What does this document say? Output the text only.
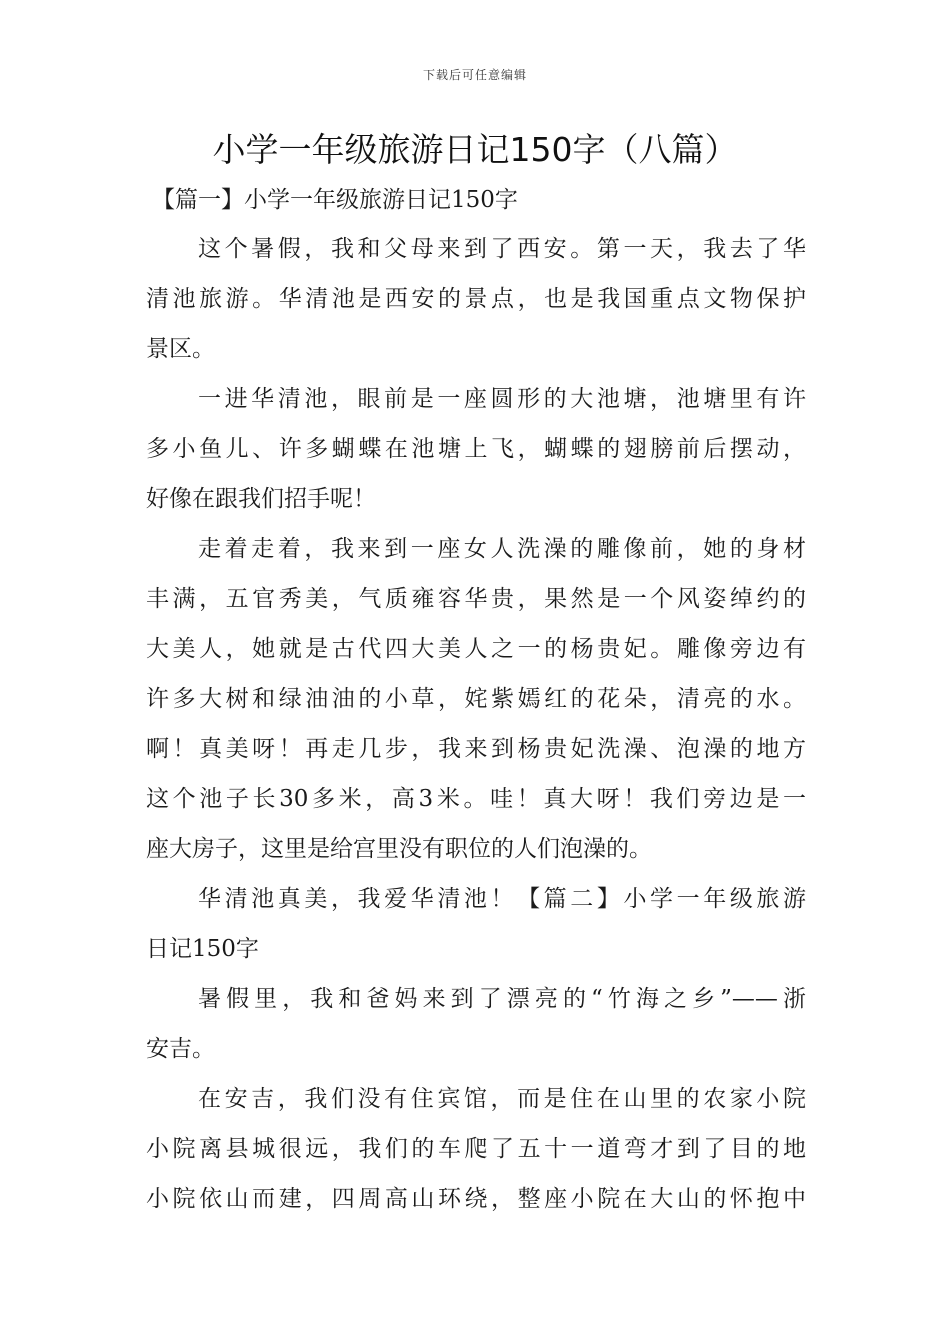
下载后可任意编辑
小学一年级旅游日记150字（八篇）
【篇一】小学一年级旅游日记150字
这个暑假，我和父母来到了西安。第一天，我去了华
清池旅游。华清池是西安的景点，也是我国重点文物保护
景区。
一进华清池，眼前是一座圆形的大池塘，池塘里有许
多小鱼儿、许多蝴蝶在池塘上飞，蝴蝶的翅膀前后摆动，
好像在跟我们招手呢！
走着走着，我来到一座女人洗澡的雕像前，她的身材
丰满，五官秀美，气质雍容华贵，果然是一个风姿绰约的
大美人，她就是古代四大美人之一的杨贵妃。雕像旁边有
许多大树和绿油油的小草，姹紫嫣红的花朵，清亮的水。
啊！真美呀！再走几步，我来到杨贵妃洗澡、泡澡的地方
这个池子长30多米，高3米。哇！真大呀！我们旁边是一
座大房子，这里是给宫里没有职位的人们泡澡的。
华清池真美，我爱华清池！【篇二】小学一年级旅游
日记150字
暑假里，我和爸妈来到了漂亮的“竹海之乡”——浙
安吉。
在安吉，我们没有住宾馆，而是住在山里的农家小院
小院离县城很远，我们的车爬了五十一道弯才到了目的地
小院依山而建，四周高山环绕，整座小院在大山的怀抱中
